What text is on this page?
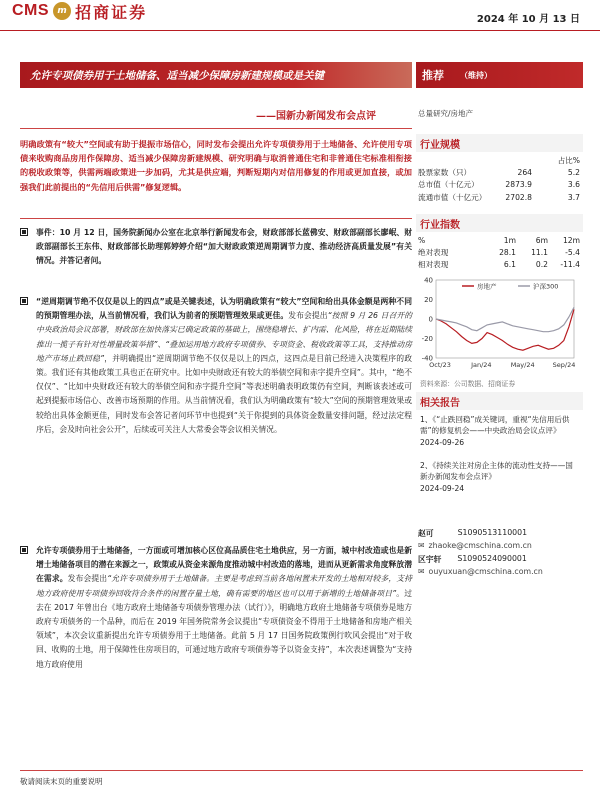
CMS m 招商证券	2024 年 10 月 13 日
允许专项债券用于土地储备、适当减少保障房新建规模或是关键	推荐 （维持）
——国新办新闻发布会点评	总量研究/房地产
明确政策有“较大”空间或有助于提振市场信心，同时发布会提出允许专项债券用于土地储备、允许使用专项债来收购商品房用作保障房、适当减少保障房新建规模、研究明确与取消普通住宅和非普通住宅标准相衔接的税收政策等，供需两端政策进一步加码，尤其是供应端，判断短期内对信用修复的作用或更加直接，或加强我们此前提出的“先信用后供需”修复逻辑。
事件：10 月 12 日，国务院新闻办公室在北京举行新闻发布会，财政部部长蓝佛安、财政部副部长廖岷、财政部副部长王东伟、财政部部长助理郭婷婷介绍“加大财政政策逆周期调节力度、推动经济高质量发展”有关情况。并答记者问。
“逆周期调节绝不仅仅是以上的四点”或是关键表述，认为明确政策有“较大”空间和给出具体金额是两种不同的预期管理办法，从当前情况看，我们认为前者的预期管理效果或更佳。发布会提出“按照 9 月 26 日召开的中央政治局会议部署，财政部在加快落实已确定政策的基础上，围绕稳增长、扩内需、化风险，将在近期陆续推出一揽子有针对性增量政策举措”、“叠加运用地方政府专项债券、专项资金、税收政策等工具，支持推动房地产市场止跌回稳”，并明确提出“逆周期调节绝不仅仅是以上的四点，这四点是目前已经进入决策程序的政策。我们还有其他政策工具也正在研究中。比如中央财政还有较大的举债空间和赤字提升空间”。其中，“绝不仅仅”、“比如中央财政还有较大的举债空间和赤字提升空间”等表述明确表明政策仍有空间，判断该表述或可起到提振市场信心、改善市场预期的作用。从当前情况看，我们认为明确政策有“较大”空间的预期管理效果或较给出具体金额更佳，同时发布会答记者问环节中也提到“关于你提到的具体资金数量安排问题，经过法定程序后，会及时向社会公开”，后续或可关注人大常委会等会议相关情况。
允许专项债券用于土地储备，一方面或可增加核心区位高品质住宅土地供应，另一方面，城中村改造或也是新增土地储备项目的潜在来源之一，政策或从资金来源角度推动城中村改造的落地，进而从更新需求角度释放潜在需求。发布会提出“允许专项债券用于土地储备。主要是考虑到当前各地闲置未开发的土地相对较多，支持地方政府使用专项债券回收符合条件的闲置存量土地，确有需要的地区也可以用于新增的土地储备项目”。过去在 2017 年曾出台《地方政府土地储备专项债券管理办法（试行）》，明确地方政府土地储备专项债券是地方政府专项债务的一个品种，而后在 2019 年国务院常务会议提出“专项债资金不得用于土地储备和房地产相关领域”，本次会议重新提出允许专项债券用于土地储备。此前 5 月 17 日国务院政策例行吹风会提出“对于收回、收购的土地，用于保障性住房项目的，可通过地方政府专项债券等予以资金支持”，本次表述调整为“支持地方政府使用
行业规模
占比%
股票家数（只）	264	5.2
总市值（十亿元）	2873.9	3.6
流通市值（十亿元）	2702.8	3.7
行业指数
%	1m	6m	12m
绝对表现	28.1	11.1	-5.4
相对表现	6.1	0.2	-11.4
-40
-20
0
20
40
Oct/23	Jan/24	May/24	Sep/24
房地产	沪深300
资料来源：公司数据、招商证券
相关报告
1、《“止跌回稳”成关键词，重视“先信用后供需”的修复机会——中央政治局会议点评》
2024-09-26
2、《持续关注对房企主体的流动性支持——国新办新闻发布会点评》
2024-09-24
赵可	S1090513110001
✉ zhaoke@cmschina.com.cn
区宇轩 S1090524090001
✉ ouyuxuan@cmschina.com.cn
敬请阅读末页的重要说明
